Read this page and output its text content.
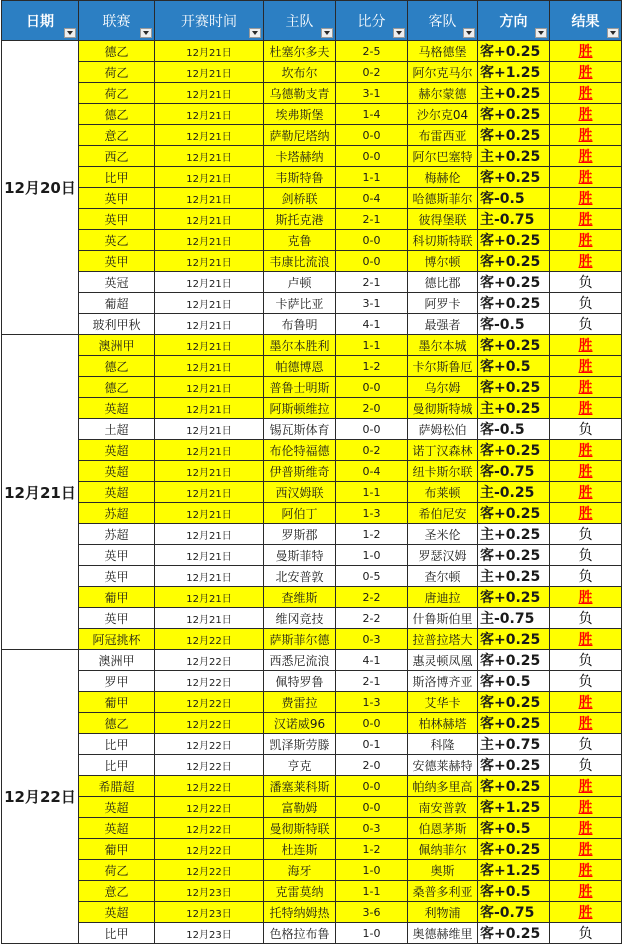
日期	联赛	开赛时间	主队	比分	客队	方向	结果

12月20日	德乙	12月21日	杜塞尔多夫	2-5	马格德堡	客+0.25	胜
	荷乙	12月21日	坎布尔	0-2	阿尔克马尔	客+1.25	胜
	荷乙	12月21日	乌德勒支青	3-1	赫尔蒙德	主+0.25	胜
	德乙	12月21日	埃弗斯堡	1-4	沙尔克04	客+0.25	胜
	意乙	12月21日	萨勒尼塔纳	0-0	布雷西亚	客+0.25	胜
	西乙	12月21日	卡塔赫纳	0-0	阿尔巴塞特	主+0.25	胜
	比甲	12月21日	韦斯特鲁	1-1	梅赫伦	客+0.25	胜
	英甲	12月21日	剑桥联	0-4	哈德斯菲尔	客-0.5	胜
	英甲	12月21日	斯托克港	2-1	彼得堡联	主-0.75	胜
	英乙	12月21日	克鲁	0-0	科切斯特联	客+0.25	胜
	英甲	12月21日	韦康比流浪	0-0	博尔顿	客+0.25	胜
	英冠	12月21日	卢顿	2-1	德比郡	客+0.25	负
	葡超	12月21日	卡萨比亚	3-1	阿罗卡	客+0.25	负
	玻利甲秋	12月21日	布鲁明	4-1	最强者	客-0.5	负
12月21日	澳洲甲	12月21日	墨尔本胜利	1-1	墨尔本城	客+0.25	胜
	德乙	12月21日	帕德博恩	1-2	卡尔斯鲁厄	客+0.5	胜
	德乙	12月21日	普鲁士明斯	0-0	乌尔姆	客+0.25	胜
	英超	12月21日	阿斯顿维拉	2-0	曼彻斯特城	主+0.25	胜
	土超	12月21日	锡瓦斯体育	0-0	萨姆松伯	客-0.5	负
	英超	12月21日	布伦特福德	0-2	诺丁汉森林	客+0.25	胜
	英超	12月21日	伊普斯维奇	0-4	纽卡斯尔联	客-0.75	胜
	英超	12月21日	西汉姆联	1-1	布莱顿	主-0.25	胜
	苏超	12月21日	阿伯丁	1-3	希伯尼安	客+0.25	胜
	苏超	12月21日	罗斯郡	1-2	圣米伦	主+0.25	负
	英甲	12月21日	曼斯菲特	1-0	罗瑟汉姆	客+0.25	负
	英甲	12月21日	北安普敦	0-5	查尔顿	主+0.25	负
	葡甲	12月21日	查维斯	2-2	唐迪拉	客+0.25	胜
	英甲	12月21日	维冈竞技	2-2	什鲁斯伯里	主-0.75	负
	阿冠挑杯	12月22日	萨斯菲尔德	0-3	拉普拉塔大	客+0.25	胜
12月22日	澳洲甲	12月22日	西悉尼流浪	4-1	惠灵顿凤凰	客+0.25	负
	罗甲	12月22日	佩特罗鲁	2-1	斯洛博齐亚	客+0.5	负
	葡甲	12月22日	费雷拉	1-3	艾华卡	客+0.25	胜
	德乙	12月22日	汉诺威96	0-0	柏林赫塔	客+0.25	胜
	比甲	12月22日	凯泽斯劳滕	0-1	科隆	主+0.75	负
	比甲	12月22日	亨克	2-0	安德莱赫特	客+0.25	负
	希腊超	12月22日	潘塞莱科斯	0-0	帕纳多里高	客+0.25	胜
	英超	12月22日	富勒姆	0-0	南安普敦	客+1.25	胜
	英超	12月22日	曼彻斯特联	0-3	伯恩茅斯	客+0.5	胜
	葡甲	12月22日	杜连斯	1-2	佩纳菲尔	客+0.25	胜
	荷乙	12月22日	海牙	1-0	奥斯	客+1.25	胜
	意乙	12月23日	克雷莫纳	1-1	桑普多利亚	客+0.5	胜
	英超	12月23日	托特纳姆热	3-6	利物浦	客-0.75	胜
	比甲	12月23日	色格拉布鲁	1-0	奥德赫维里	客+0.25	负
